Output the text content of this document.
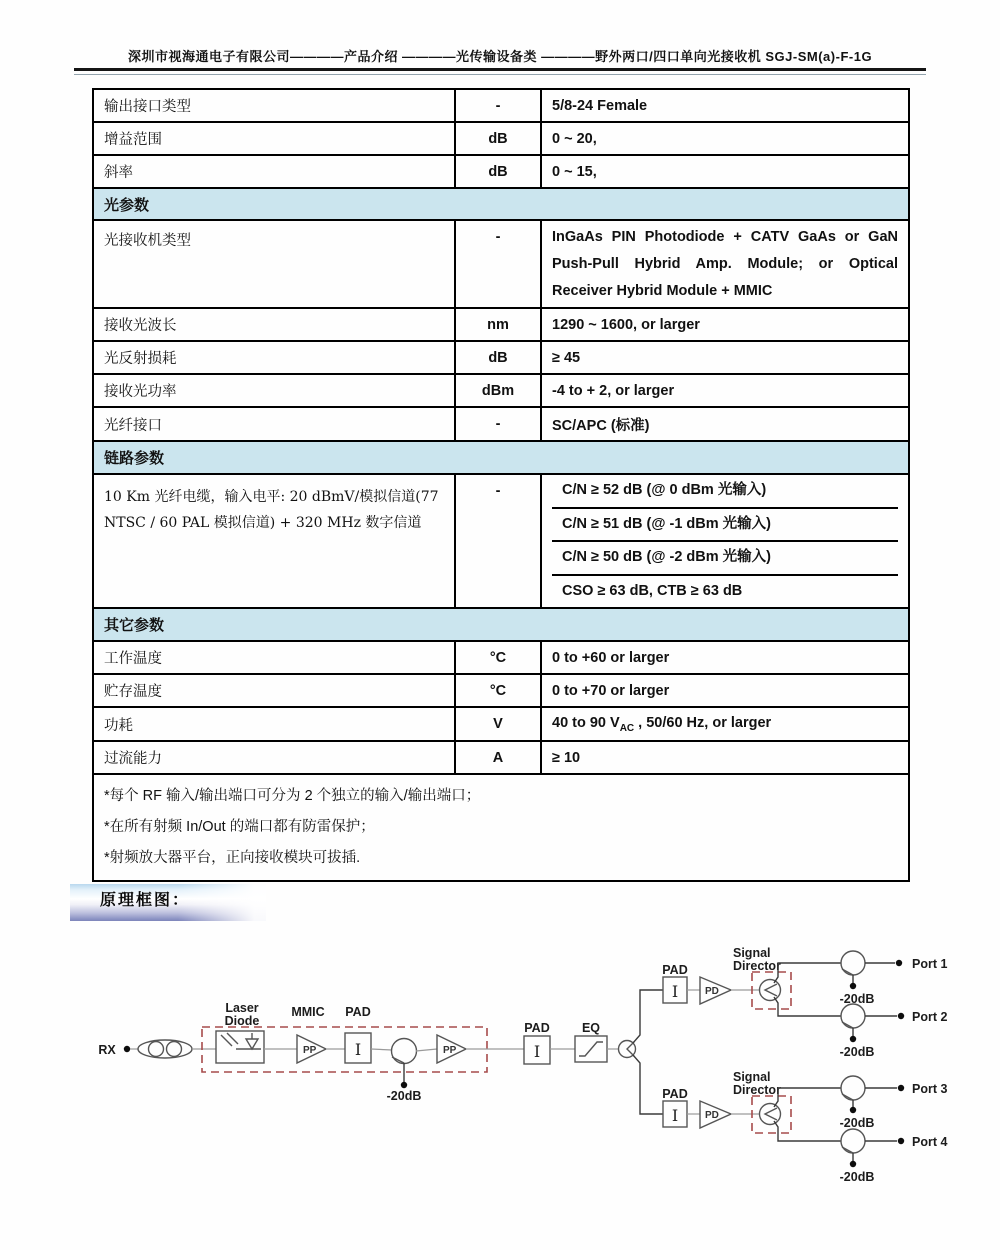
深圳市视海通电子有限公司————产品介绍 ————光传输设备类 ————野外两口/四口单向光接收机 SGJ-SM(a)-F-1G
输出接口类型	-	5/8-24 Female
增益范围	dB	0 ~ 20,
斜率	dB	0 ~ 15,
光参数		
光接收机类型	-	InGaAs PIN Photodiode + CATV GaAs or GaN Push-Pull Hybrid Amp. Module; or Optical Receiver Hybrid Module + MMIC
接收光波长	nm	1290 ~ 1600, or larger
光反射损耗	dB	≥ 45
接收光功率	dBm	-4 to + 2, or larger
光纤接口	-	SC/APC (标准)
链路参数		
10 Km 光纤电缆，输入电平: 20 dBmV/模拟信道(77 NTSC / 60 PAL 模拟信道) + 320 MHz 数字信道	-	C/N ≥ 52 dB (@ 0 dBm 光输入)
C/N ≥ 51 dB (@ -1 dBm 光输入)
C/N ≥ 50 dB (@ -2 dBm 光输入)
CSO ≥ 63 dB, CTB ≥ 63 dB

其它参数		
工作温度	°C	0 to +60 or larger
贮存温度	°C	0 to +70 or larger
功耗	V	40 to 90 $V_{AC}$ , 50/60 Hz, or larger
过流能力	A	≥ 10

*每个 RF 输入/输出端口可分为 2 个独立的输入/输出端口；
*在所有射频 In/Out 的端口都有防雷保护；
*射频放大器平台，正向接收模块可拔插.		
原理框图：
RX
Laser
Diode
MMIC
PP
PAD
I
-20dB
PP
PAD
I
EQ
PAD
I	PD
Signal
Director
-20dB
Port 1
-20dB
Port 2
PAD
I	PD
Signal
Director
-20dB
Port 3
-20dB
Port 4
